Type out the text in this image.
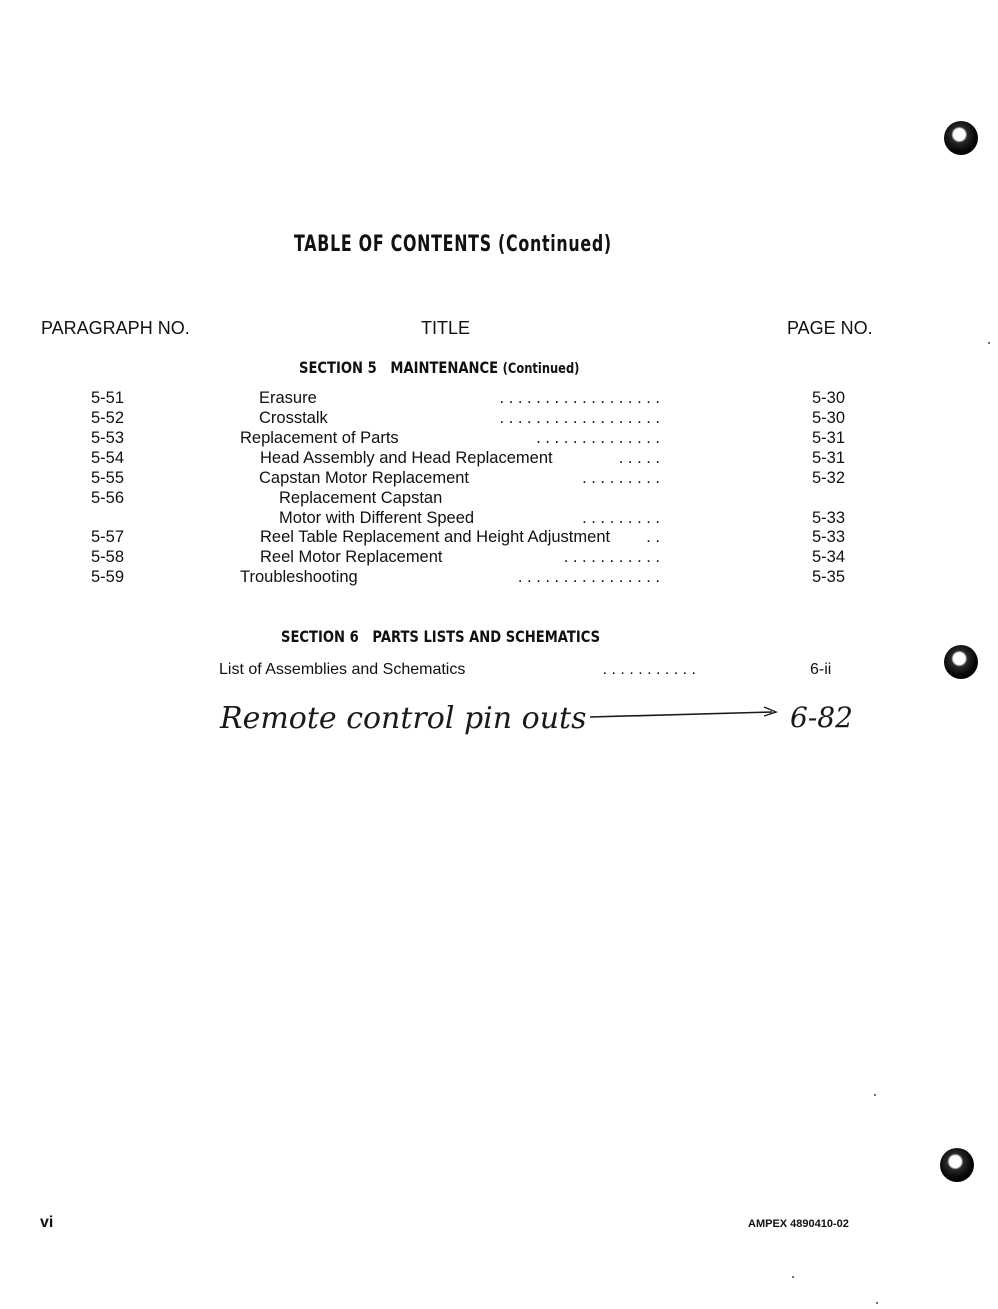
TABLE OF CONTENTS (Continued)
PARAGRAPH NO.	TITLE	PAGE NO.
SECTION 5   MAINTENANCE (Continued)
5-51	Erasure	. . . . . . . . . . . . . . . . . .	5-30
5-52	Crosstalk	. . . . . . . . . . . . . . . . . .	5-30
5-53	Replacement of Parts	. . . . . . . . . . . . . .	5-31
5-54	Head Assembly and Head Replacement	. . . . .	5-31
5-55	Capstan Motor Replacement	. . . . . . . . .	5-32
5-56	Replacement Capstan
Motor with Different Speed	. . . . . . . . .	5-33
5-57	Reel Table Replacement and Height Adjustment . .	5-33
5-58	Reel Motor Replacement	. . . . . . . . . . .	5-34
5-59	Troubleshooting	. . . . . . . . . . . . . . . .	5-35
SECTION 6   PARTS LISTS AND SCHEMATICS
List of Assemblies and Schematics	. . . . . . . . . . .	6-ii
Remote control pin outs	6-82
vi	AMPEX 4890410-02
